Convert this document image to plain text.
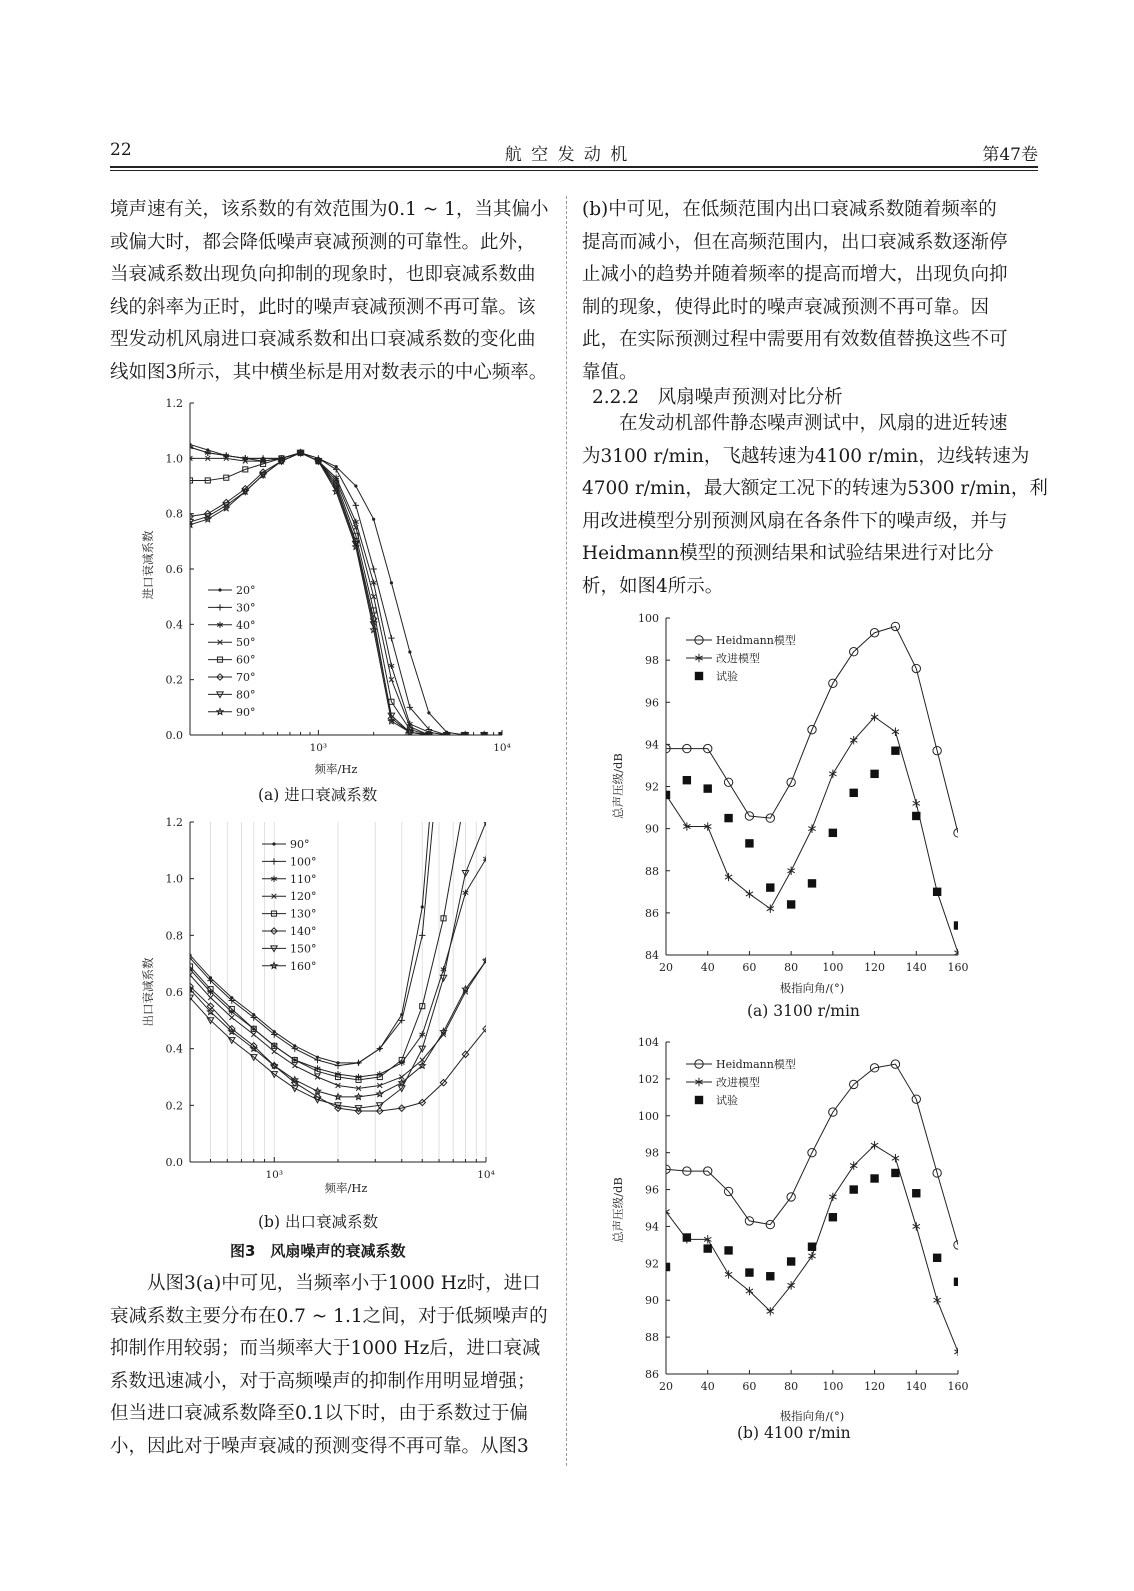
22	航 空 发 动 机	第47卷
境声速有关，该系数的有效范围为0.1 ~ 1，当其偏小
或偏大时，都会降低噪声衰减预测的可靠性。此外，
当衰减系数出现负向抑制的现象时，也即衰减系数曲
线的斜率为正时，此时的噪声衰减预测不再可靠。该
型发动机风扇进口衰减系数和出口衰减系数的变化曲
线如图3所示，其中横坐标是用对数表示的中心频率。
0.0
0.2
0.4
0.6
0.8
1.0
1.2
10³	10⁴
频率/Hz
进口衰减系数	20°
30°
40°
50°
60°
70°
80°
90°
(a) 进口衰减系数
0.0
0.2
0.4
0.6
0.8
1.0
1.2
10³	10⁴
频率/Hz
出口衰减系数
90°
100°
110°
120°
130°
140°
150°
160°
(b) 出口衰减系数
图3　风扇噪声的衰减系数
从图3(a)中可见，当频率小于1000 Hz时，进口
衰减系数主要分布在0.7 ~ 1.1之间，对于低频噪声的
抑制作用较弱；而当频率大于1000 Hz后，进口衰减
系数迅速减小，对于高频噪声的抑制作用明显增强；
但当进口衰减系数降至0.1以下时，由于系数过于偏
小，因此对于噪声衰减的预测变得不再可靠。从图3
(b)中可见，在低频范围内出口衰减系数随着频率的
提高而减小，但在高频范围内，出口衰减系数逐渐停
止减小的趋势并随着频率的提高而增大，出现负向抑
制的现象，使得此时的噪声衰减预测不再可靠。因
此，在实际预测过程中需要用有效数值替换这些不可
靠值。
2.2.2　风扇噪声预测对比分析
在发动机部件静态噪声测试中，风扇的进近转速
为3100 r/min，飞越转速为4100 r/min，边线转速为
4700 r/min，最大额定工况下的转速为5300 r/min，利
用改进模型分别预测风扇在各条件下的噪声级，并与
Heidmann模型的预测结果和试验结果进行对比分
析，如图4所示。
84
86
88
90
92
94
96
98
100
20	40	60	80 100 120 140 160
极指向角/(°)
总声压级/dB
Heidmann模型
改进模型
试验
(a) 3100 r/min
86
88
90
92
94
96
98
100
102
104
20	40	60	80 100 120 140 160
极指向角/(°)
总声压级/dB
Heidmann模型
改进模型
试验
(b) 4100 r/min
